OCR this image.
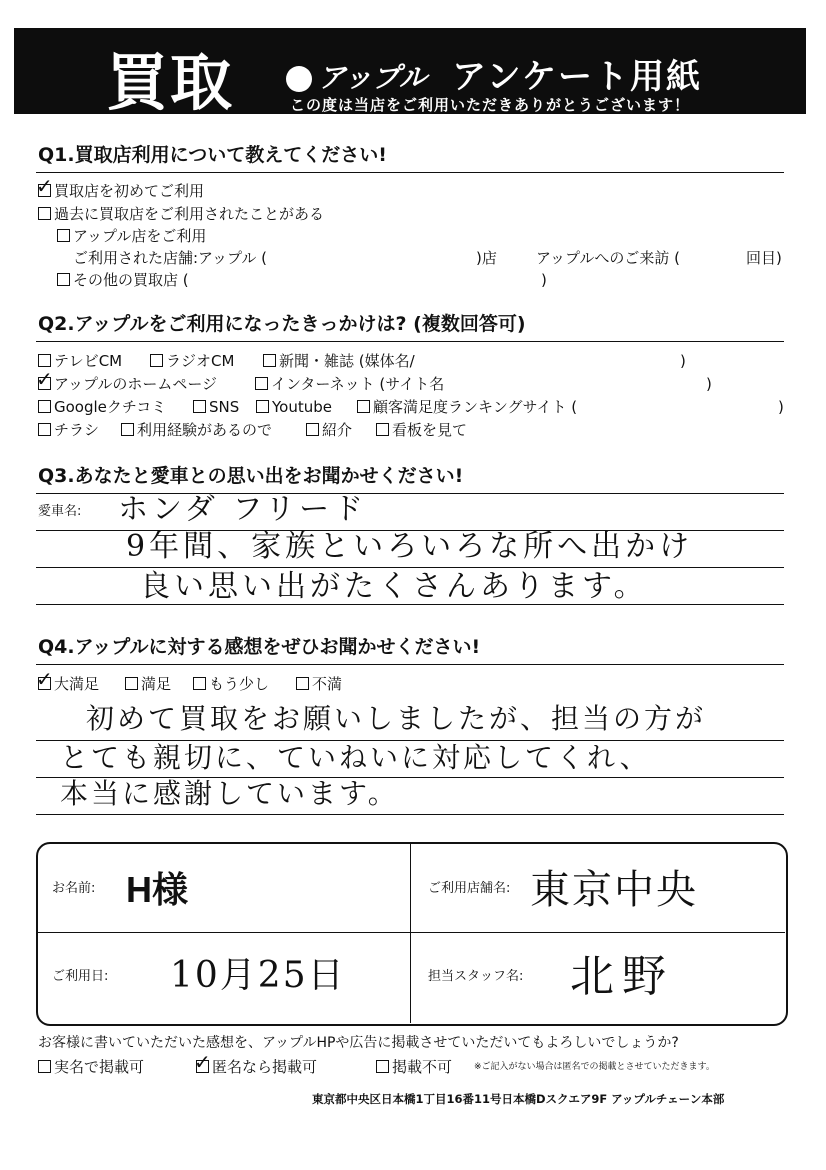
買取	アップル アンケート用紙
この度は当店をご利用いただきありがとうございます！
Q1.買取店利用について教えてください!
買取店を初めてご利用
✓
過去に買取店をご利用されたことがある
アップル店をご利用
ご利用された店舗:アップル (	)店	アップルへのご来訪 (	回目)
その他の買取店 (	)
Q2.アップルをご利用になったきっかけは? (複数回答可)
テレビCM	ラジオCM	新聞・雑誌 (媒体名/	)
アップルのホームページ
✓	インターネット (サイト名	)
Googleクチコミ	SNS	Youtube	顧客満足度ランキングサイト (	)
チラシ	利用経験があるので	紹介	看板を見て
Q3.あなたと愛車との思い出をお聞かせください!
愛車名: ホンダ フリード
9年間、家族といろいろな所へ出かけ
良い思い出がたくさんあります。
Q4.アップルに対する感想をぜひお聞かせください!
大満足
✓	満足	もう少し	不満
初めて買取をお願いしましたが、担当の方が
とても親切に、ていねいに対応してくれ、
本当に感謝しています。
お名前: H様	ご利用店舗名: 東京中央
ご利用日: 10月25日	担当スタッフ名: 北野
お客様に書いていただいた感想を、アップルHPや広告に掲載させていただいてもよろしいでしょうか?
実名で掲載可	匿名なら掲載可
✓	掲載不可 ※ご記入がない場合は匿名での掲載とさせていただきます。
東京都中央区日本橋1丁目16番11号日本橋Dスクエア9F アップルチェーン本部
